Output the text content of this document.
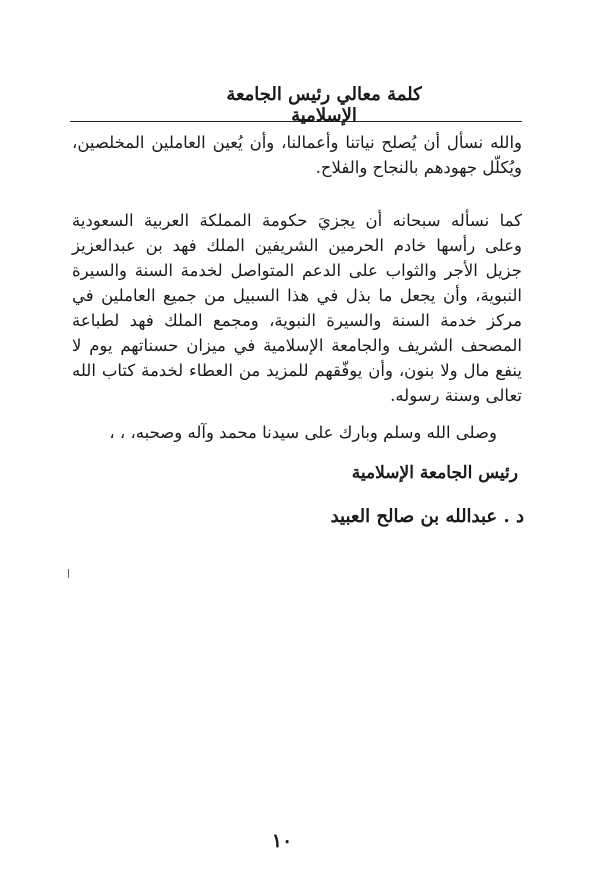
كلمة معالي رئيس الجامعة الإسلامية

والله نسأل أن يُصلح نياتنا وأعمالنا، وأن يُعين العاملين المخلصين، ويُكلّل جهودهم بالنجاح والفلاح.

كما نسأله سبحانه أن يجزيَ حكومة المملكة العربية السعودية وعلى رأسها خادم الحرمين الشريفين الملك فهد بن عبدالعزيز جزيل الأجر والثواب على الدعم المتواصل لخدمة السنة والسيرة النبوية، وأن يجعل ما بذل في هذا السبيل من جميع العاملين في مركز خدمة السنة والسيرة النبوية، ومجمع الملك فهد لطباعة المصحف الشريف والجامعة الإسلامية في ميزان حسناتهم يوم لا ينفع مال ولا بنون، وأن يوفّقهم للمزيد من العطاء لخدمة كتاب الله تعالى وسنة رسوله.

وصلى الله وسلم وبارك على سيدنا محمد وآله وصحبه، ، ،

رئيس الجامعة الإسلامية
د . عبدالله بن صالح العبيد
١٠
